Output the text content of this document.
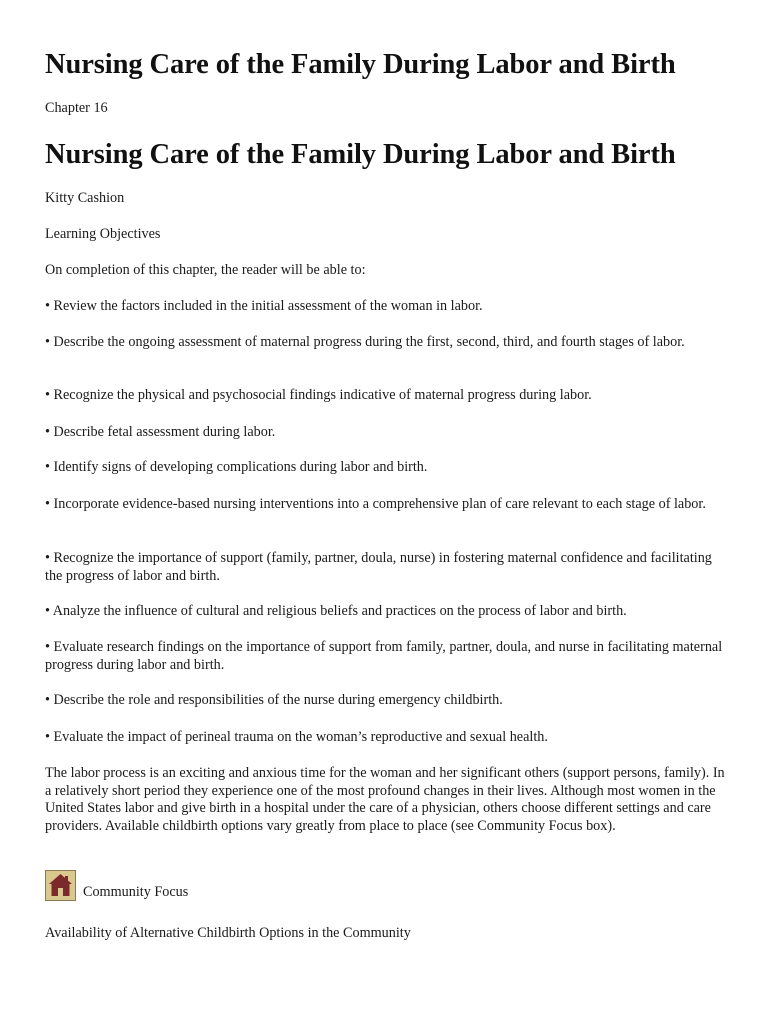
Nursing Care of the Family During Labor and Birth

Chapter 16

Nursing Care of the Family During Labor and Birth

Kitty Cashion

Learning Objectives

On completion of this chapter, the reader will be able to:

• Review the factors included in the initial assessment of the woman in labor.

• Describe the ongoing assessment of maternal progress during the first, second, third, and fourth stages of labor.

• Recognize the physical and psychosocial findings indicative of maternal progress during labor.

• Describe fetal assessment during labor.

• Identify signs of developing complications during labor and birth.

• Incorporate evidence-based nursing interventions into a comprehensive plan of care relevant to each stage of labor.

• Recognize the importance of support (family, partner, doula, nurse) in fostering maternal confidence and facilitating the progress of labor and birth.

• Analyze the influence of cultural and religious beliefs and practices on the process of labor and birth.

• Evaluate research findings on the importance of support from family, partner, doula, and nurse in facilitating maternal progress during labor and birth.

• Describe the role and responsibilities of the nurse during emergency childbirth.

• Evaluate the impact of perineal trauma on the woman’s reproductive and sexual health.

The labor process is an exciting and anxious time for the woman and her significant others (support persons, family). In a relatively short period they experience one of the most profound changes in their lives. Although most women in the United States labor and give birth in a hospital under the care of a physician, others choose different settings and care providers. Available childbirth options vary greatly from place to place (see Community Focus box).

Community Focus

Availability of Alternative Childbirth Options in the Community
